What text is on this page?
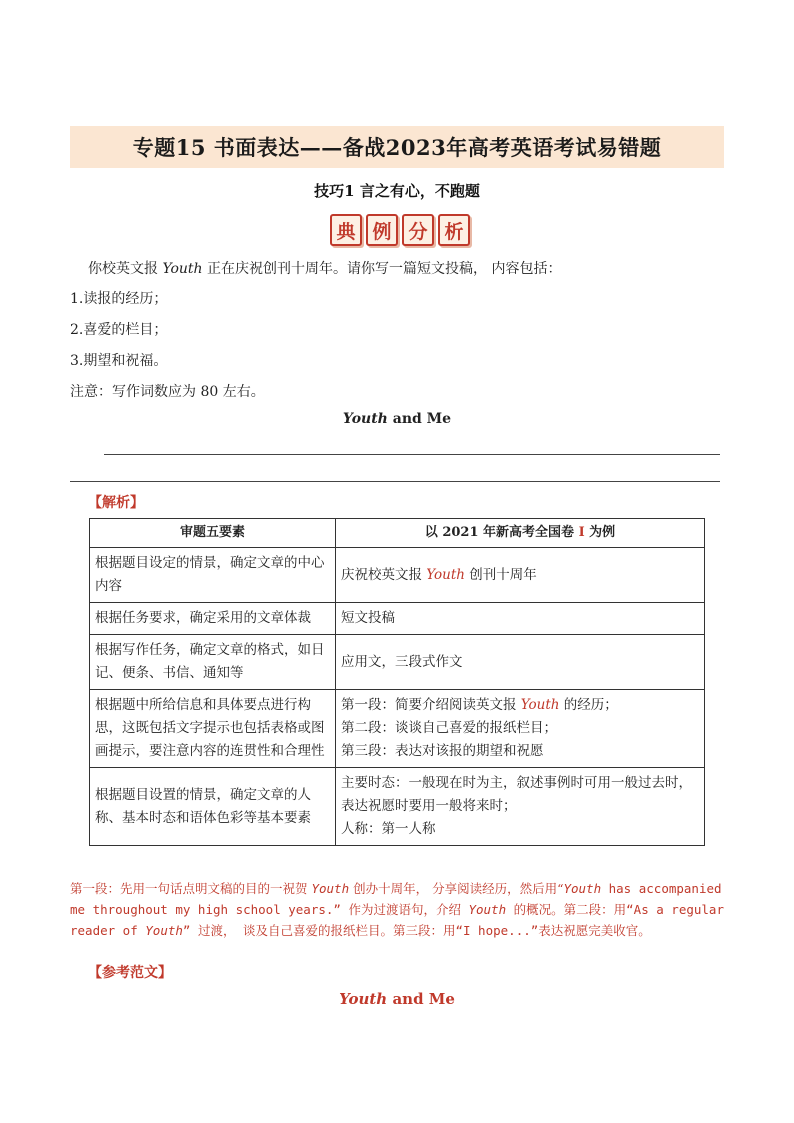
专题15 书面表达——备战2023年高考英语考试易错题
技巧1 言之有心，不跑题
典 例 分 析
你校英文报 Youth 正在庆祝创刊十周年。请你写一篇短文投稿， 内容包括：
1.读报的经历；
2.喜爱的栏目；
3.期望和祝福。
注意：写作词数应为 80 左右。
Youth and Me
【解析】
审题五要素	以 2021 年新高考全国卷 I 为例
根据题目设定的情景，确定文章的中心内容	庆祝校英文报 Youth 创刊十周年
根据任务要求，确定采用的文章体裁	短文投稿
根据写作任务，确定文章的格式，如日记、便条、书信、通知等	应用文，三段式作文
根据题中所给信息和具体要点进行构思，这既包括文字提示也包括表格或图画提示，要注意内容的连贯性和合理性	第一段：简要介绍阅读英文报 Youth 的经历；
第二段：谈谈自己喜爱的报纸栏目；
第三段：表达对该报的期望和祝愿

根据题目设置的情景，确定文章的人称、基本时态和语体色彩等基本要素	主要时态：一般现在时为主，叙述事例时可用一般过去时，表达祝愿时要用一般将来时；
人称：第一人称
第一段：先用一句话点明文稿的目的一祝贺 Youth 创办十周年， 分享阅读经历，然后用“Youth has accompanied me throughout my high school years.” 作为过渡语句，介绍 Youth 的概况。第二段：用“As a regular reader of Youth” 过渡， 谈及自己喜爱的报纸栏目。第三段：用“I hope...”表达祝愿完美收官。
【参考范文】
Youth and Me
